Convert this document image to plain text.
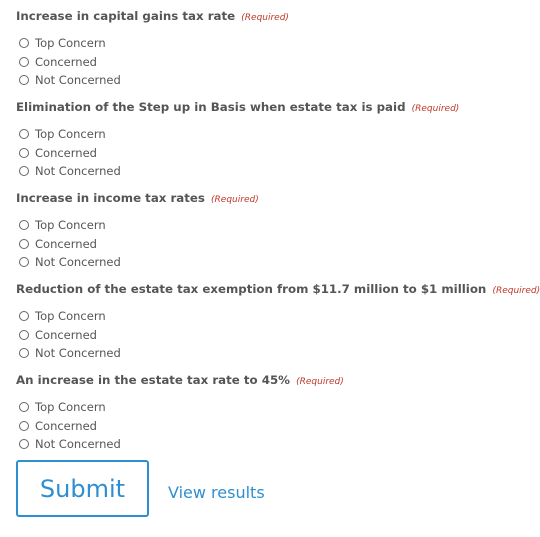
Increase in capital gains tax rate (Required)
Top Concern
Concerned
Not Concerned
Elimination of the Step up in Basis when estate tax is paid (Required)
Top Concern
Concerned
Not Concerned
Increase in income tax rates (Required)
Top Concern
Concerned
Not Concerned
Reduction of the estate tax exemption from $11.7 million to $1 million (Required)
Top Concern
Concerned
Not Concerned
An increase in the estate tax rate to 45% (Required)
Top Concern
Concerned
Not Concerned
Submit	View results
